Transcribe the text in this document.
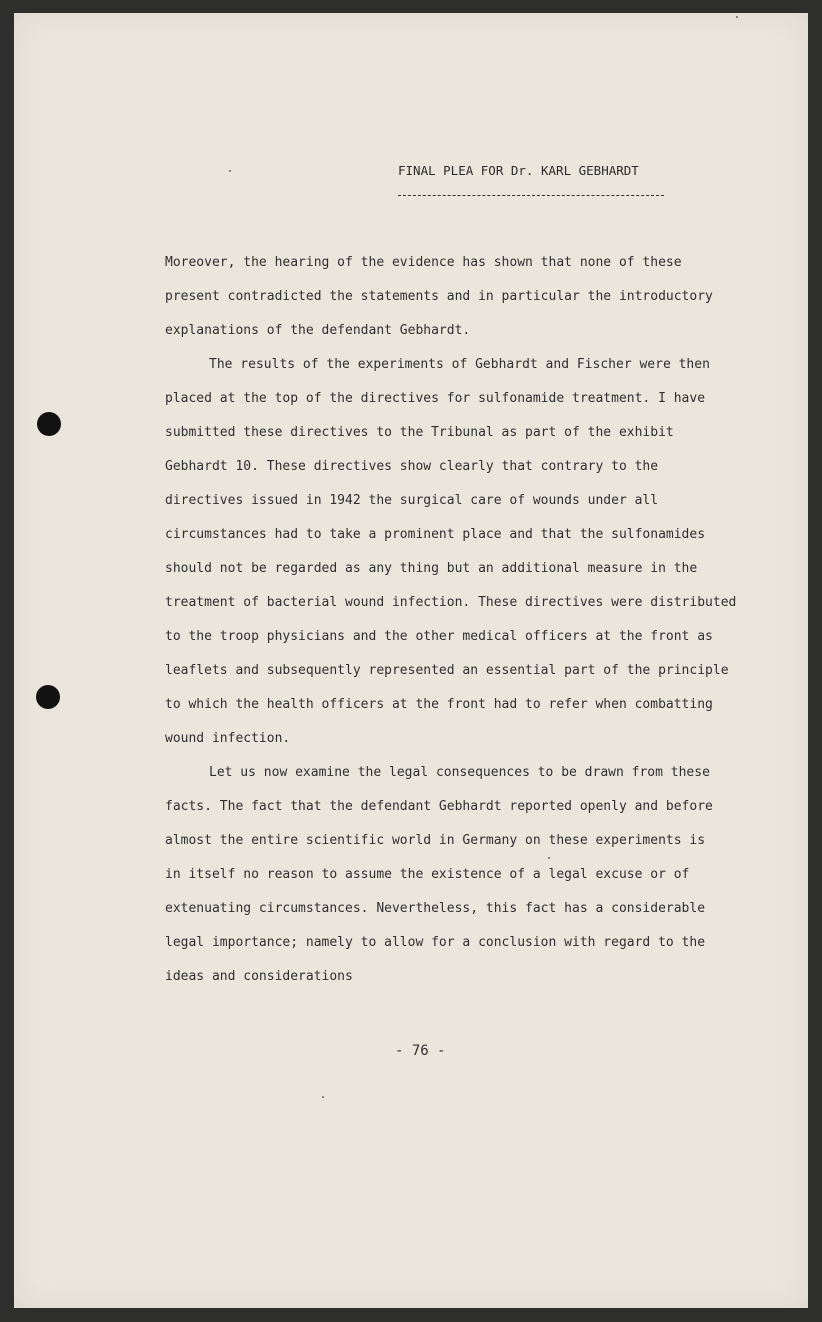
FINAL PLEA FOR Dr. KARL GEBHARDT
Moreover, the hearing of the evidence has shown that none of these
present contradicted the statements and in particular the introductory
explanations of the defendant Gebhardt.
The results of the experiments of Gebhardt and Fischer were then
placed at the top of the directives for sulfonamide treatment. I have
submitted these directives to the Tribunal as part of the exhibit
Gebhardt 10. These directives show clearly that contrary to the
directives issued in 1942 the surgical care of wounds under all
circumstances had to take a prominent place and that the sulfonamides
should not be regarded as any thing but an additional measure in the
treatment of bacterial wound infection. These directives were distributed
to the troop physicians and the other medical officers at the front as
leaflets and subsequently represented an essential part of the principle
to which the health officers at the front had to refer when combatting
wound infection.
Let us now examine the legal consequences to be drawn from these
facts. The fact that the defendant Gebhardt reported openly and before
almost the entire scientific world in Germany on these experiments is
in itself no reason to assume the existence of a legal excuse or of
extenuating circumstances. Nevertheless, this fact has a considerable
legal importance; namely to allow for a conclusion with regard to the
ideas and considerations
- 76 -
